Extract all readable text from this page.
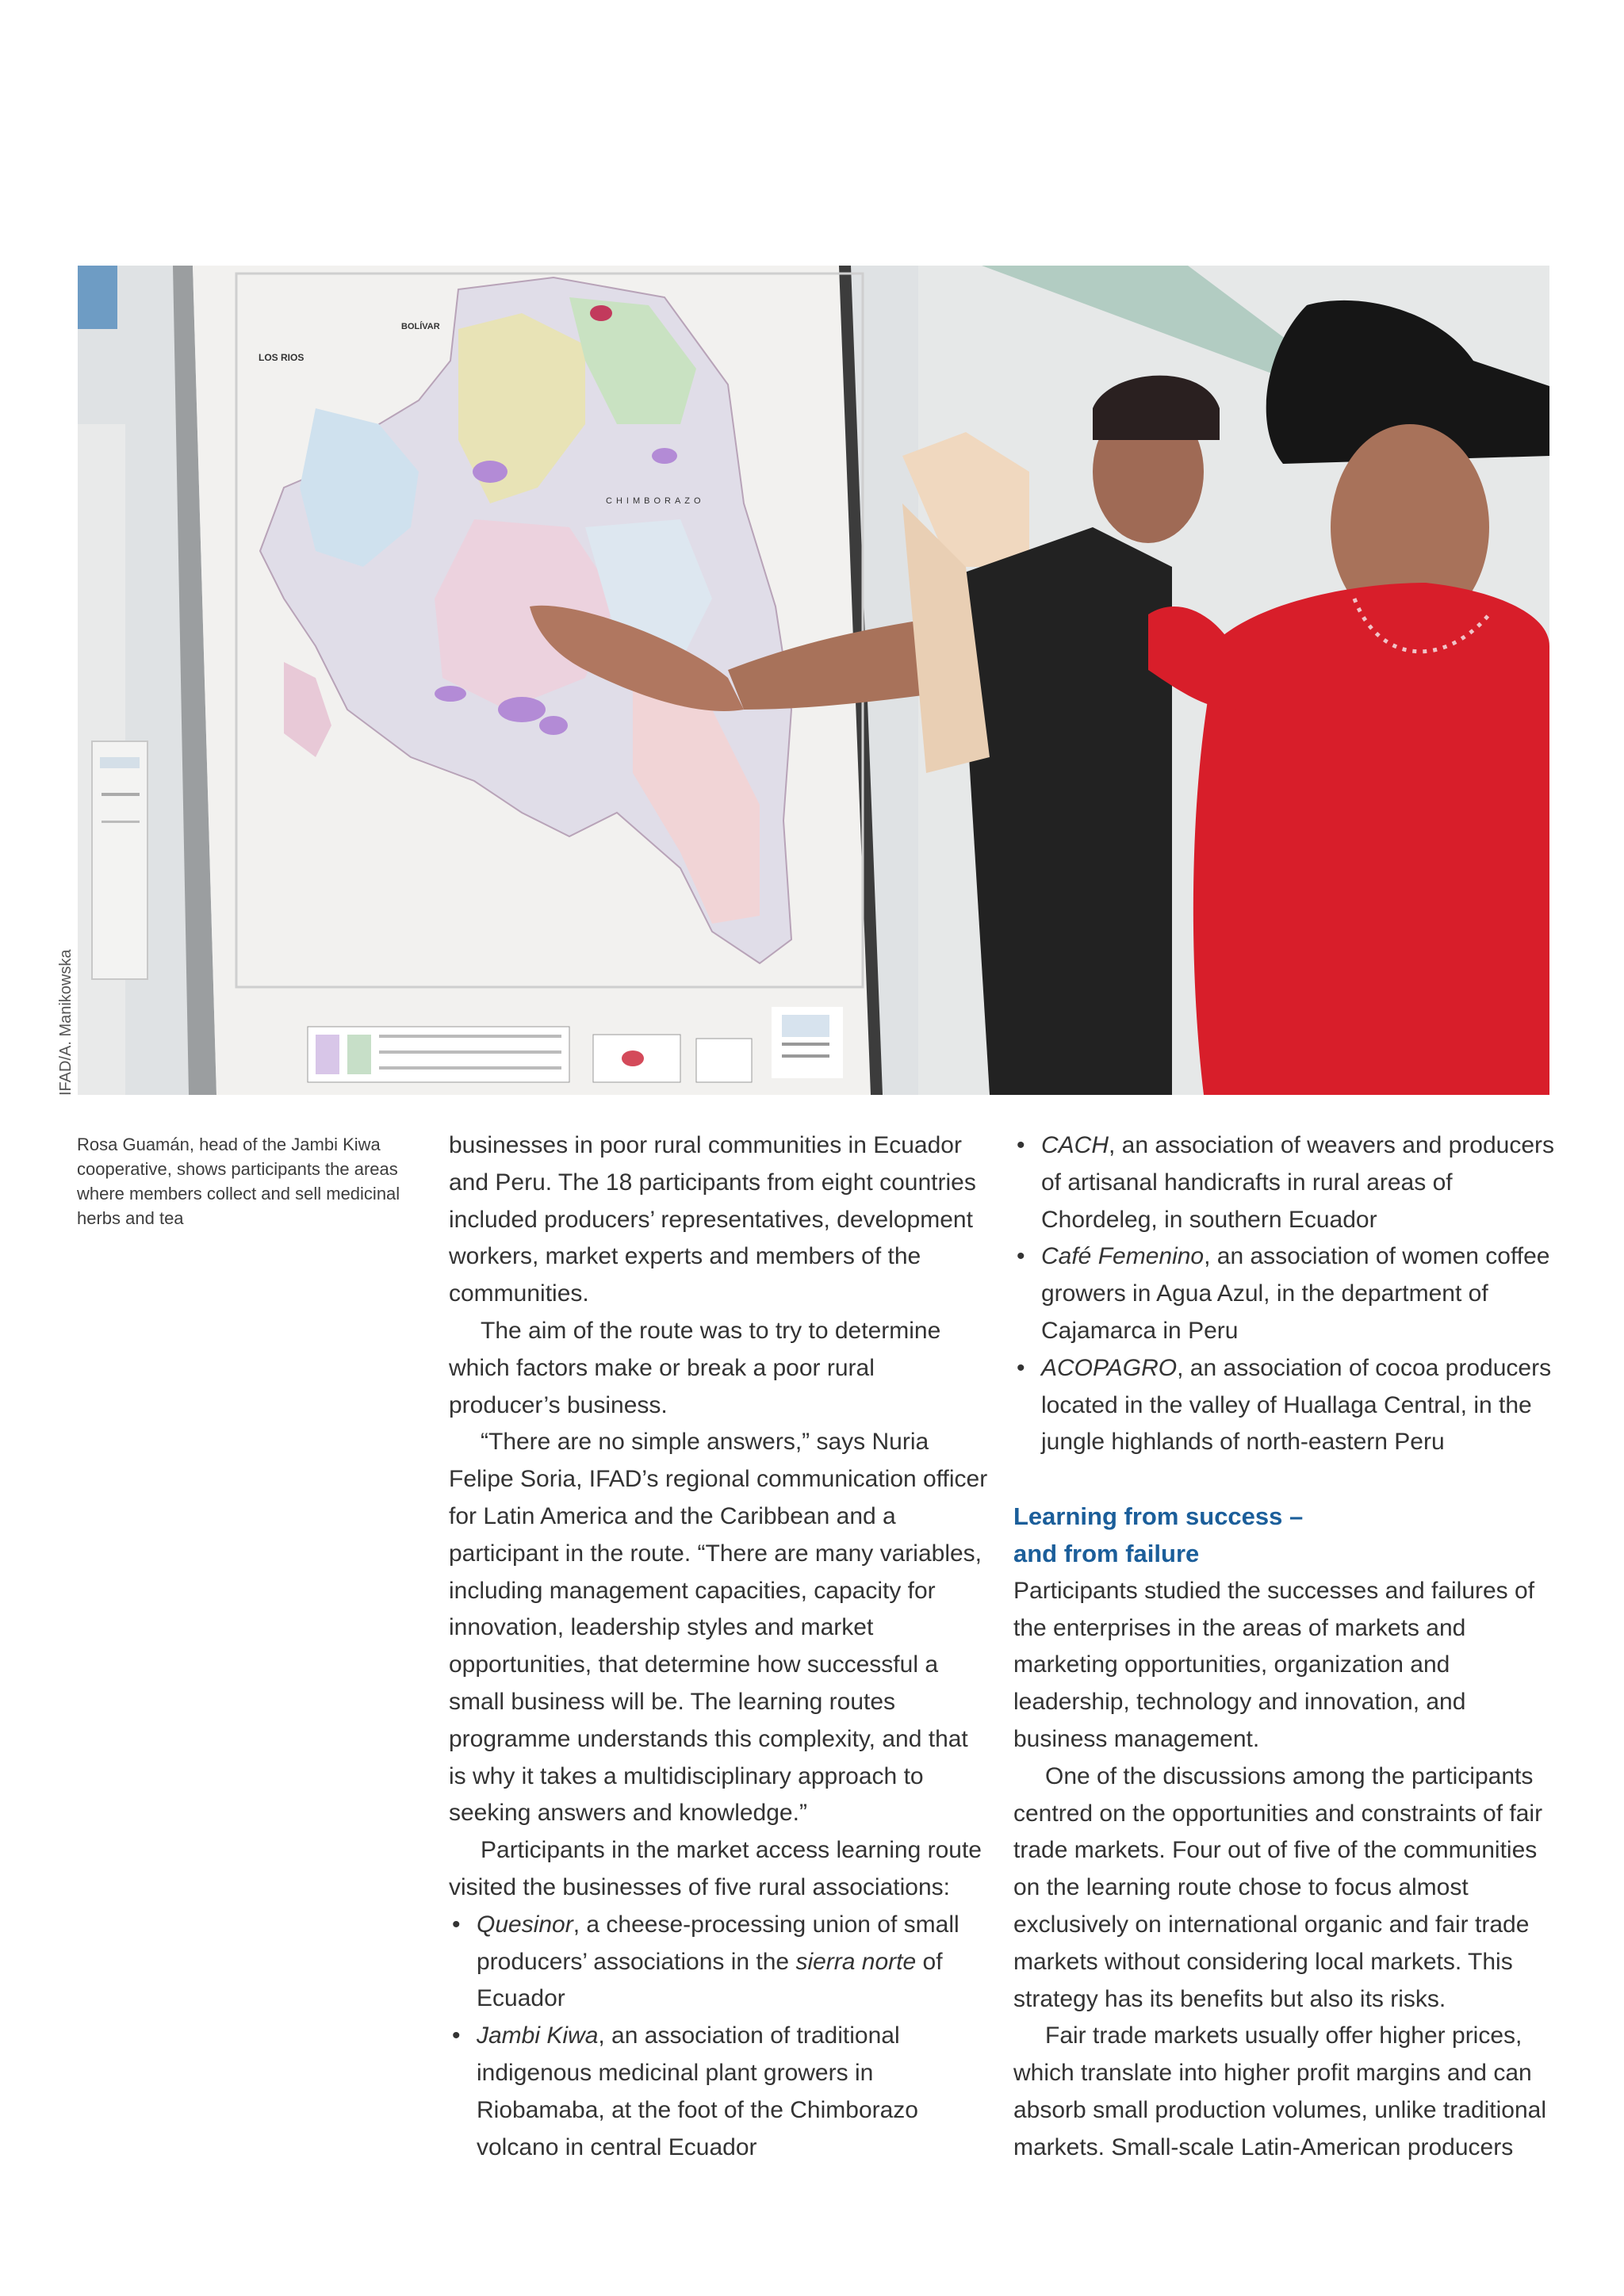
BOLÍVAR
LOS RIOS
CHIMBORAZO
IFAD/A. Manikowska
Rosa Guamán, head of the Jambi Kiwa cooperative, shows participants the areas where members collect and sell medicinal herbs and tea

businesses in poor rural communities in Ecuador and Peru. The 18 participants from eight countries included producers’ representatives, development workers, market experts and members of the communities.

The aim of the route was to try to determine which factors make or break a poor rural producer’s business.

“There are no simple answers,” says Nuria Felipe Soria, IFAD’s regional communication officer for Latin America and the Caribbean and a participant in the route. “There are many variables, including management capacities, capacity for innovation, leadership styles and market opportunities, that determine how successful a small business will be. The learning routes programme understands this complexity, and that is why it takes a multidisciplinary approach to seeking answers and knowledge.”

Participants in the market access learning route visited the businesses of five rural associations:

• Quesinor, a cheese-processing union of small producers’ associations in the sierra norte of Ecuador
• Jambi Kiwa, an association of traditional indigenous medicinal plant growers in Riobamaba, at the foot of the Chimborazo volcano in central Ecuador
• CACH, an association of weavers and producers of artisanal handicrafts in rural areas of Chordeleg, in southern Ecuador
• Café Femenino, an association of women coffee growers in Agua Azul, in the department of Cajamarca in Peru
• ACOPAGRO, an association of cocoa producers located in the valley of Huallaga Central, in the jungle highlands of north-eastern Peru
Learning from success –
and from failure

Participants studied the successes and failures of the enterprises in the areas of markets and marketing opportunities, organization and leadership, technology and innovation, and business management.

One of the discussions among the participants centred on the opportunities and constraints of fair trade markets. Four out of five of the communities on the learning route chose to focus almost exclusively on international organic and fair trade markets without considering local markets. This strategy has its benefits but also its risks.

Fair trade markets usually offer higher prices, which translate into higher profit margins and can absorb small production volumes, unlike traditional markets. Small-scale Latin-American producers
